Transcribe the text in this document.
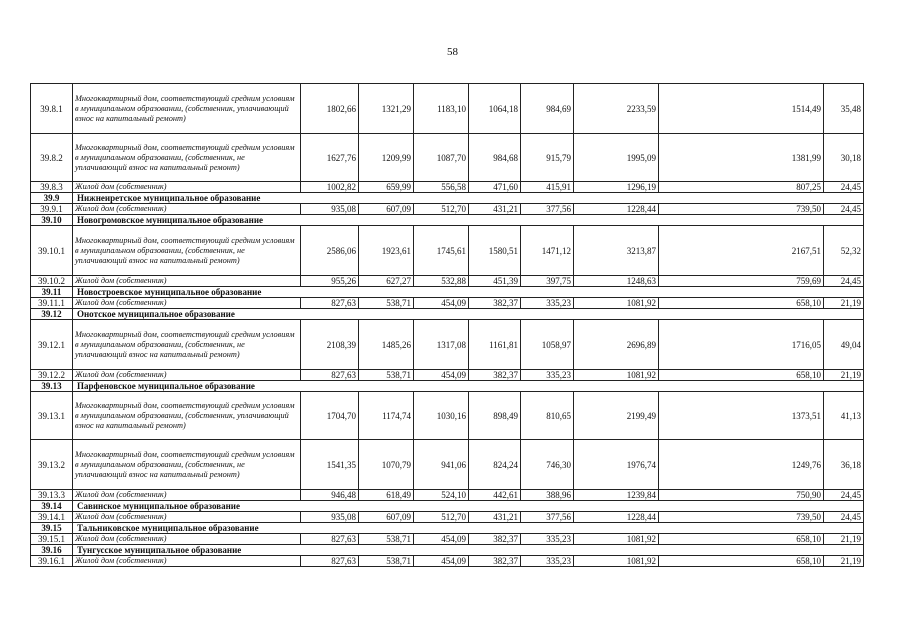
58
39.8.1	Многоквартирный дом, соответствующий средним условиям в муниципальном образовании, (собственник, уплачивающий взнос на капитальный ремонт)	1802,66	1321,29	1183,10	1064,18	984,69	2233,59	1514,49	35,48
39.8.2	Многоквартирный дом, соответствующий средним условиям в муниципальном образовании, (собственник, не уплачивающий взнос на капитальный ремонт)	1627,76	1209,99	1087,70	984,68	915,79	1995,09	1381,99	30,18
39.8.3	Жилой дом (собственник)	1002,82	659,99	556,58	471,60	415,91	1296,19	807,25	24,45
39.9	Нижнеиретское муниципальное образование								
39.9.1	Жилой дом (собственник)	935,08	607,09	512,70	431,21	377,56	1228,44	739,50	24,45
39.10	Новогромовское муниципальное образование								
39.10.1	Многоквартирный дом, соответствующий средним условиям в муниципальном образовании, (собственник, не уплачивающий взнос на капитальный ремонт)	2586,06	1923,61	1745,61	1580,51	1471,12	3213,87	2167,51	52,32
39.10.2	Жилой дом (собственник)	955,26	627,27	532,88	451,39	397,75	1248,63	759,69	24,45
39.11	Новостроевское муниципальное образование								
39.11.1	Жилой дом (собственник)	827,63	538,71	454,09	382,37	335,23	1081,92	658,10	21,19
39.12	Онотское муниципальное образование								
39.12.1	Многоквартирный дом, соответствующий средним условиям в муниципальном образовании, (собственник, не уплачивающий взнос на капитальный ремонт)	2108,39	1485,26	1317,08	1161,81	1058,97	2696,89	1716,05	49,04
39.12.2	Жилой дом (собственник)	827,63	538,71	454,09	382,37	335,23	1081,92	658,10	21,19
39.13	Парфеновское муниципальное образование								
39.13.1	Многоквартирный дом, соответствующий средним условиям в муниципальном образовании, (собственник, уплачивающий взнос на капитальный ремонт)	1704,70	1174,74	1030,16	898,49	810,65	2199,49	1373,51	41,13
39.13.2	Многоквартирный дом, соответствующий средним условиям в муниципальном образовании, (собственник, не уплачивающий взнос на капитальный ремонт)	1541,35	1070,79	941,06	824,24	746,30	1976,74	1249,76	36,18
39.13.3	Жилой дом (собственник)	946,48	618,49	524,10	442,61	388,96	1239,84	750,90	24,45
39.14	Савинское муниципальное образование								
39.14.1	Жилой дом (собственник)	935,08	607,09	512,70	431,21	377,56	1228,44	739,50	24,45
39.15	Тальниковское муниципальное образование								
39.15.1	Жилой дом (собственник)	827,63	538,71	454,09	382,37	335,23	1081,92	658,10	21,19
39.16	Тунгусское муниципальное образование								
39.16.1	Жилой дом (собственник)	827,63	538,71	454,09	382,37	335,23	1081,92	658,10	21,19
